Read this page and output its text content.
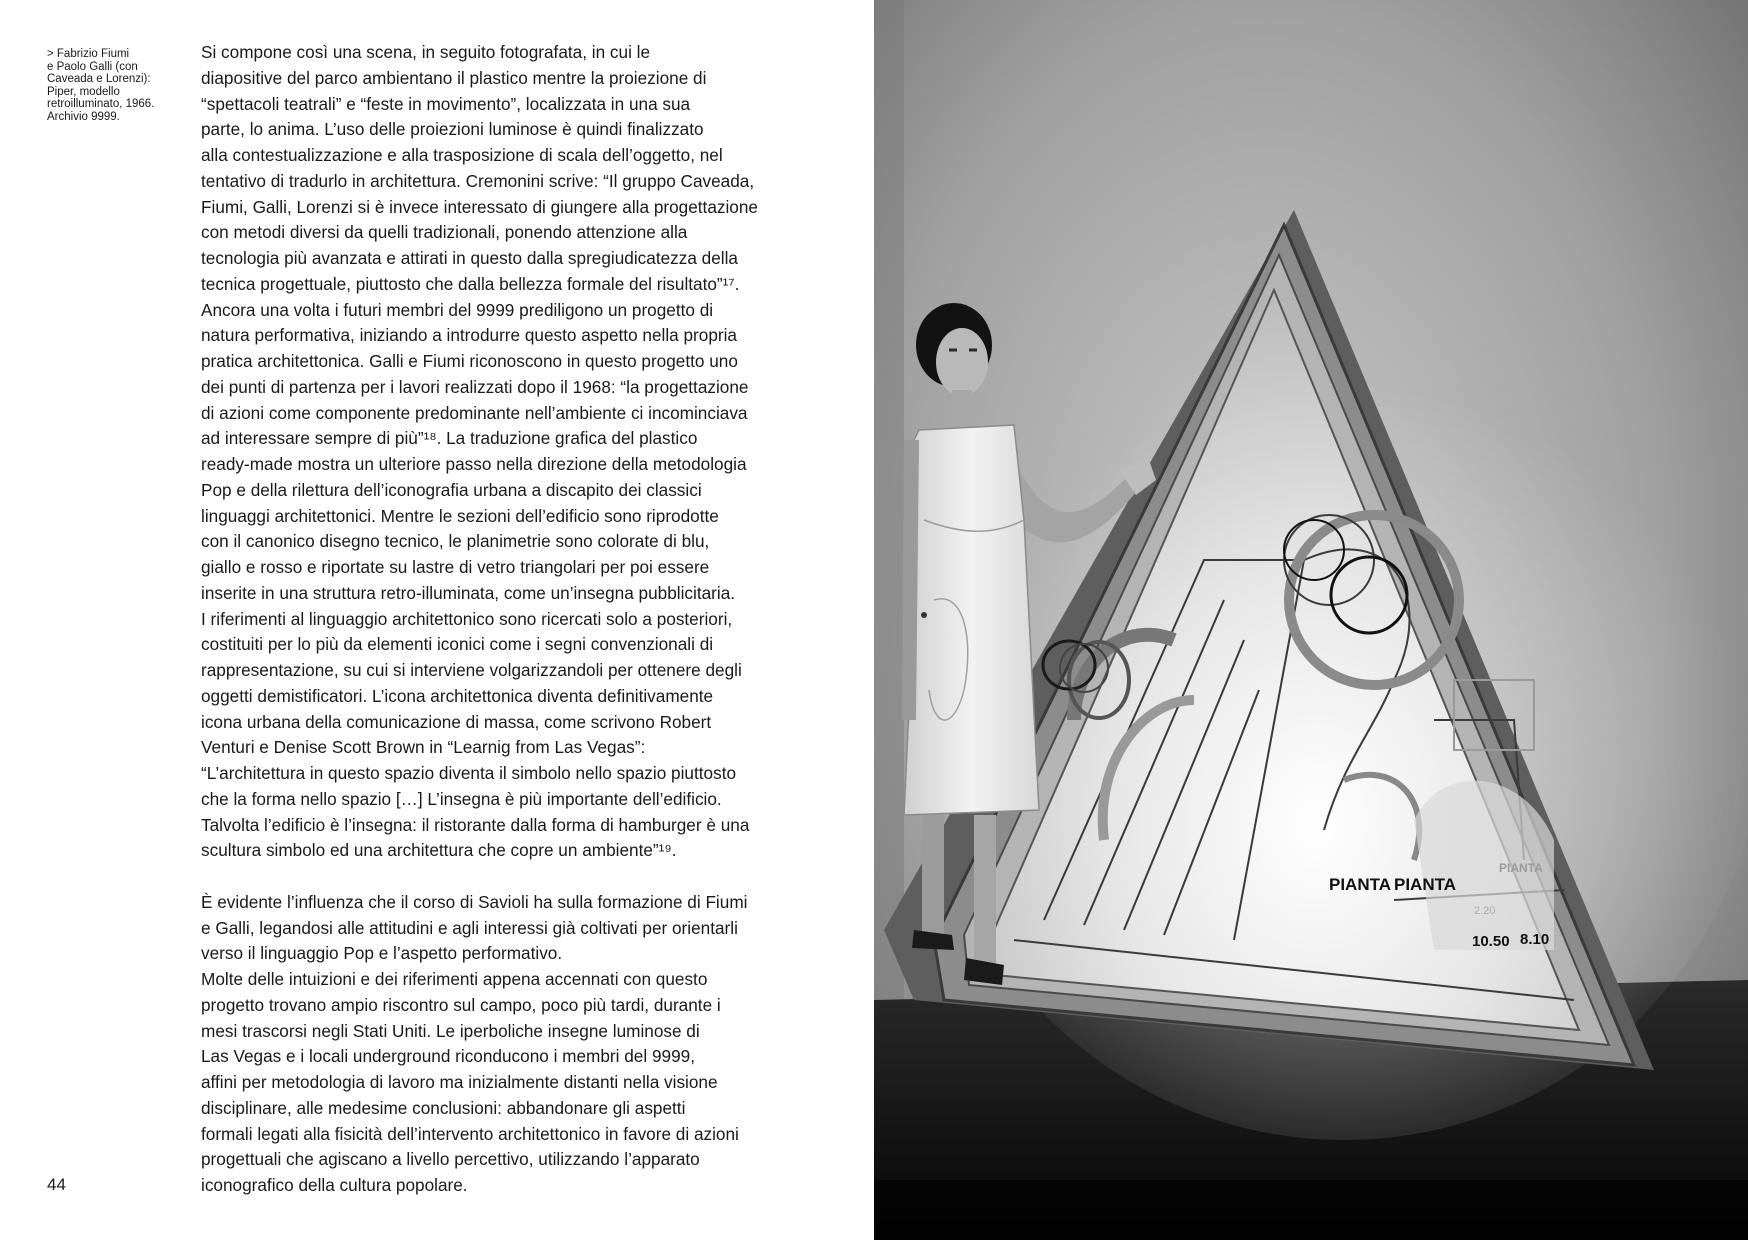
> Fabrizio Fiumi
e Paolo Galli (con
Caveada e Lorenzi):
Piper, modello
retroilluminato, 1966.
Archivio 9999.
Si compone così una scena, in seguito fotografata, in cui le
diapositive del parco ambientano il plastico mentre la proiezione di
“spettacoli teatrali” e “feste in movimento”, localizzata in una sua
parte, lo anima. L’uso delle proiezioni luminose è quindi finalizzato
alla contestualizzazione e alla trasposizione di scala dell’oggetto, nel
tentativo di tradurlo in architettura. Cremonini scrive: “Il gruppo Caveada,
Fiumi, Galli, Lorenzi si è invece interessato di giungere alla progettazione
con metodi diversi da quelli tradizionali, ponendo attenzione alla
tecnologia più avanzata e attirati in questo dalla spregiudicatezza della
tecnica progettuale, piuttosto che dalla bellezza formale del risultato”¹⁷.
Ancora una volta i futuri membri del 9999 prediligono un progetto di
natura performativa, iniziando a introdurre questo aspetto nella propria
pratica architettonica. Galli e Fiumi riconoscono in questo progetto uno
dei punti di partenza per i lavori realizzati dopo il 1968: “la progettazione
di azioni come componente predominante nell’ambiente ci incominciava
ad interessare sempre di più”¹⁸. La traduzione grafica del plastico
ready-made mostra un ulteriore passo nella direzione della metodologia
Pop e della rilettura dell’iconografia urbana a discapito dei classici
linguaggi architettonici. Mentre le sezioni dell’edificio sono riprodotte
con il canonico disegno tecnico, le planimetrie sono colorate di blu,
giallo e rosso e riportate su lastre di vetro triangolari per poi essere
inserite in una struttura retro-illuminata, come un’insegna pubblicitaria.
I riferimenti al linguaggio architettonico sono ricercati solo a posteriori,
costituiti per lo più da elementi iconici come i segni convenzionali di
rappresentazione, su cui si interviene volgarizzandoli per ottenere degli
oggetti demistificatori. L’icona architettonica diventa definitivamente
icona urbana della comunicazione di massa, come scrivono Robert
Venturi e Denise Scott Brown in “Learnig from Las Vegas”:
“L’architettura in questo spazio diventa il simbolo nello spazio piuttosto
che la forma nello spazio […] L’insegna è più importante dell’edificio.
Talvolta l’edificio è l’insegna: il ristorante dalla forma di hamburger è una
scultura simbolo ed una architettura che copre un ambiente”¹⁹.
È evidente l’influenza che il corso di Savioli ha sulla formazione di Fiumi
e Galli, legandosi alle attitudini e agli interessi già coltivati per orientarli
verso il linguaggio Pop e l’aspetto performativo.
Molte delle intuizioni e dei riferimenti appena accennati con questo
progetto trovano ampio riscontro sul campo, poco più tardi, durante i
mesi trascorsi negli Stati Uniti. Le iperboliche insegne luminose di
Las Vegas e i locali underground riconducono i membri del 9999,
affini per metodologia di lavoro ma inizialmente distanti nella visione
disciplinare, alle medesime conclusioni: abbandonare gli aspetti
formali legati alla fisicità dell’intervento architettonico in favore di azioni
progettuali che agiscano a livello percettivo, utilizzando l’apparato
iconografico della cultura popolare.
44
PIANTA PIANTA
PIANTA
2.20
10.50 8.10
